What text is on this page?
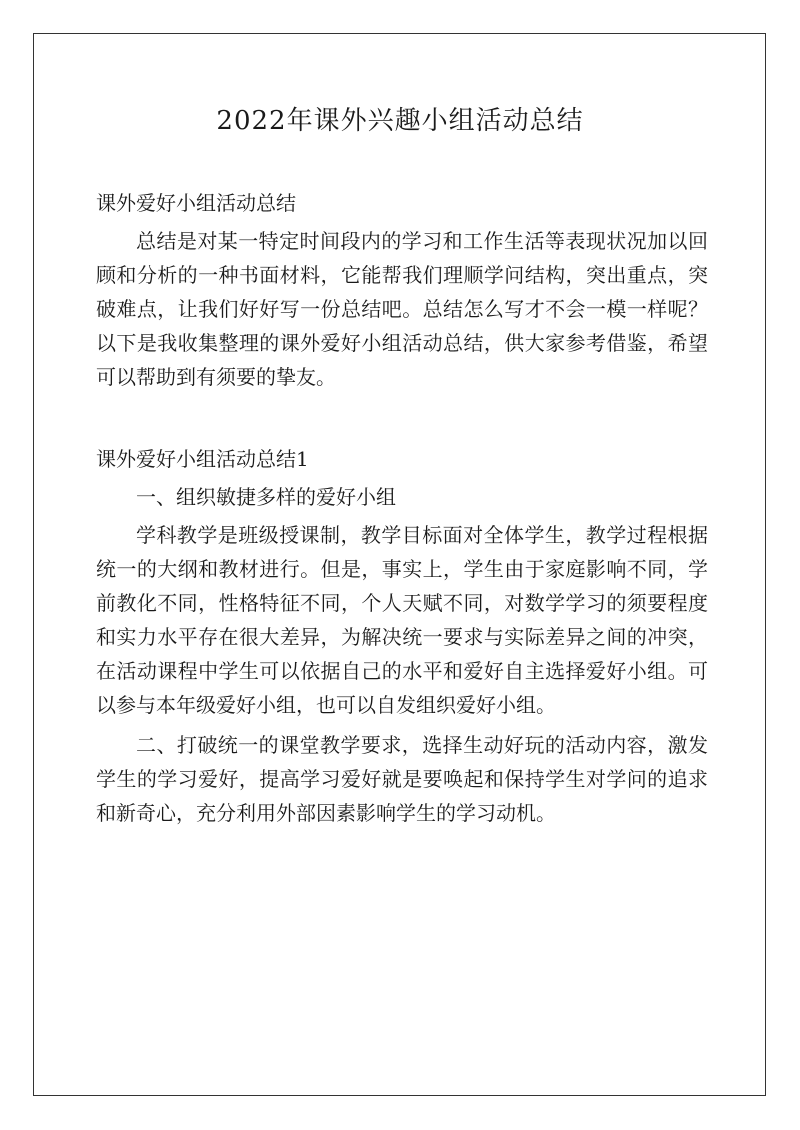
2022年课外兴趣小组活动总结

课外爱好小组活动总结

总结是对某一特定时间段内的学习和工作生活等表现状况加以回顾和分析的一种书面材料，它能帮我们理顺学问结构，突出重点，突破难点，让我们好好写一份总结吧。总结怎么写才不会一模一样呢？以下是我收集整理的课外爱好小组活动总结，供大家参考借鉴，希望可以帮助到有须要的挚友。

课外爱好小组活动总结1

一、组织敏捷多样的爱好小组

学科教学是班级授课制，教学目标面对全体学生，教学过程根据统一的大纲和教材进行。但是，事实上，学生由于家庭影响不同，学前教化不同，性格特征不同，个人天赋不同，对数学学习的须要程度和实力水平存在很大差异，为解决统一要求与实际差异之间的冲突，在活动课程中学生可以依据自己的水平和爱好自主选择爱好小组。可以参与本年级爱好小组，也可以自发组织爱好小组。

二、打破统一的课堂教学要求，选择生动好玩的活动内容，激发学生的学习爱好，提高学习爱好就是要唤起和保持学生对学问的追求和新奇心，充分利用外部因素影响学生的学习动机。
